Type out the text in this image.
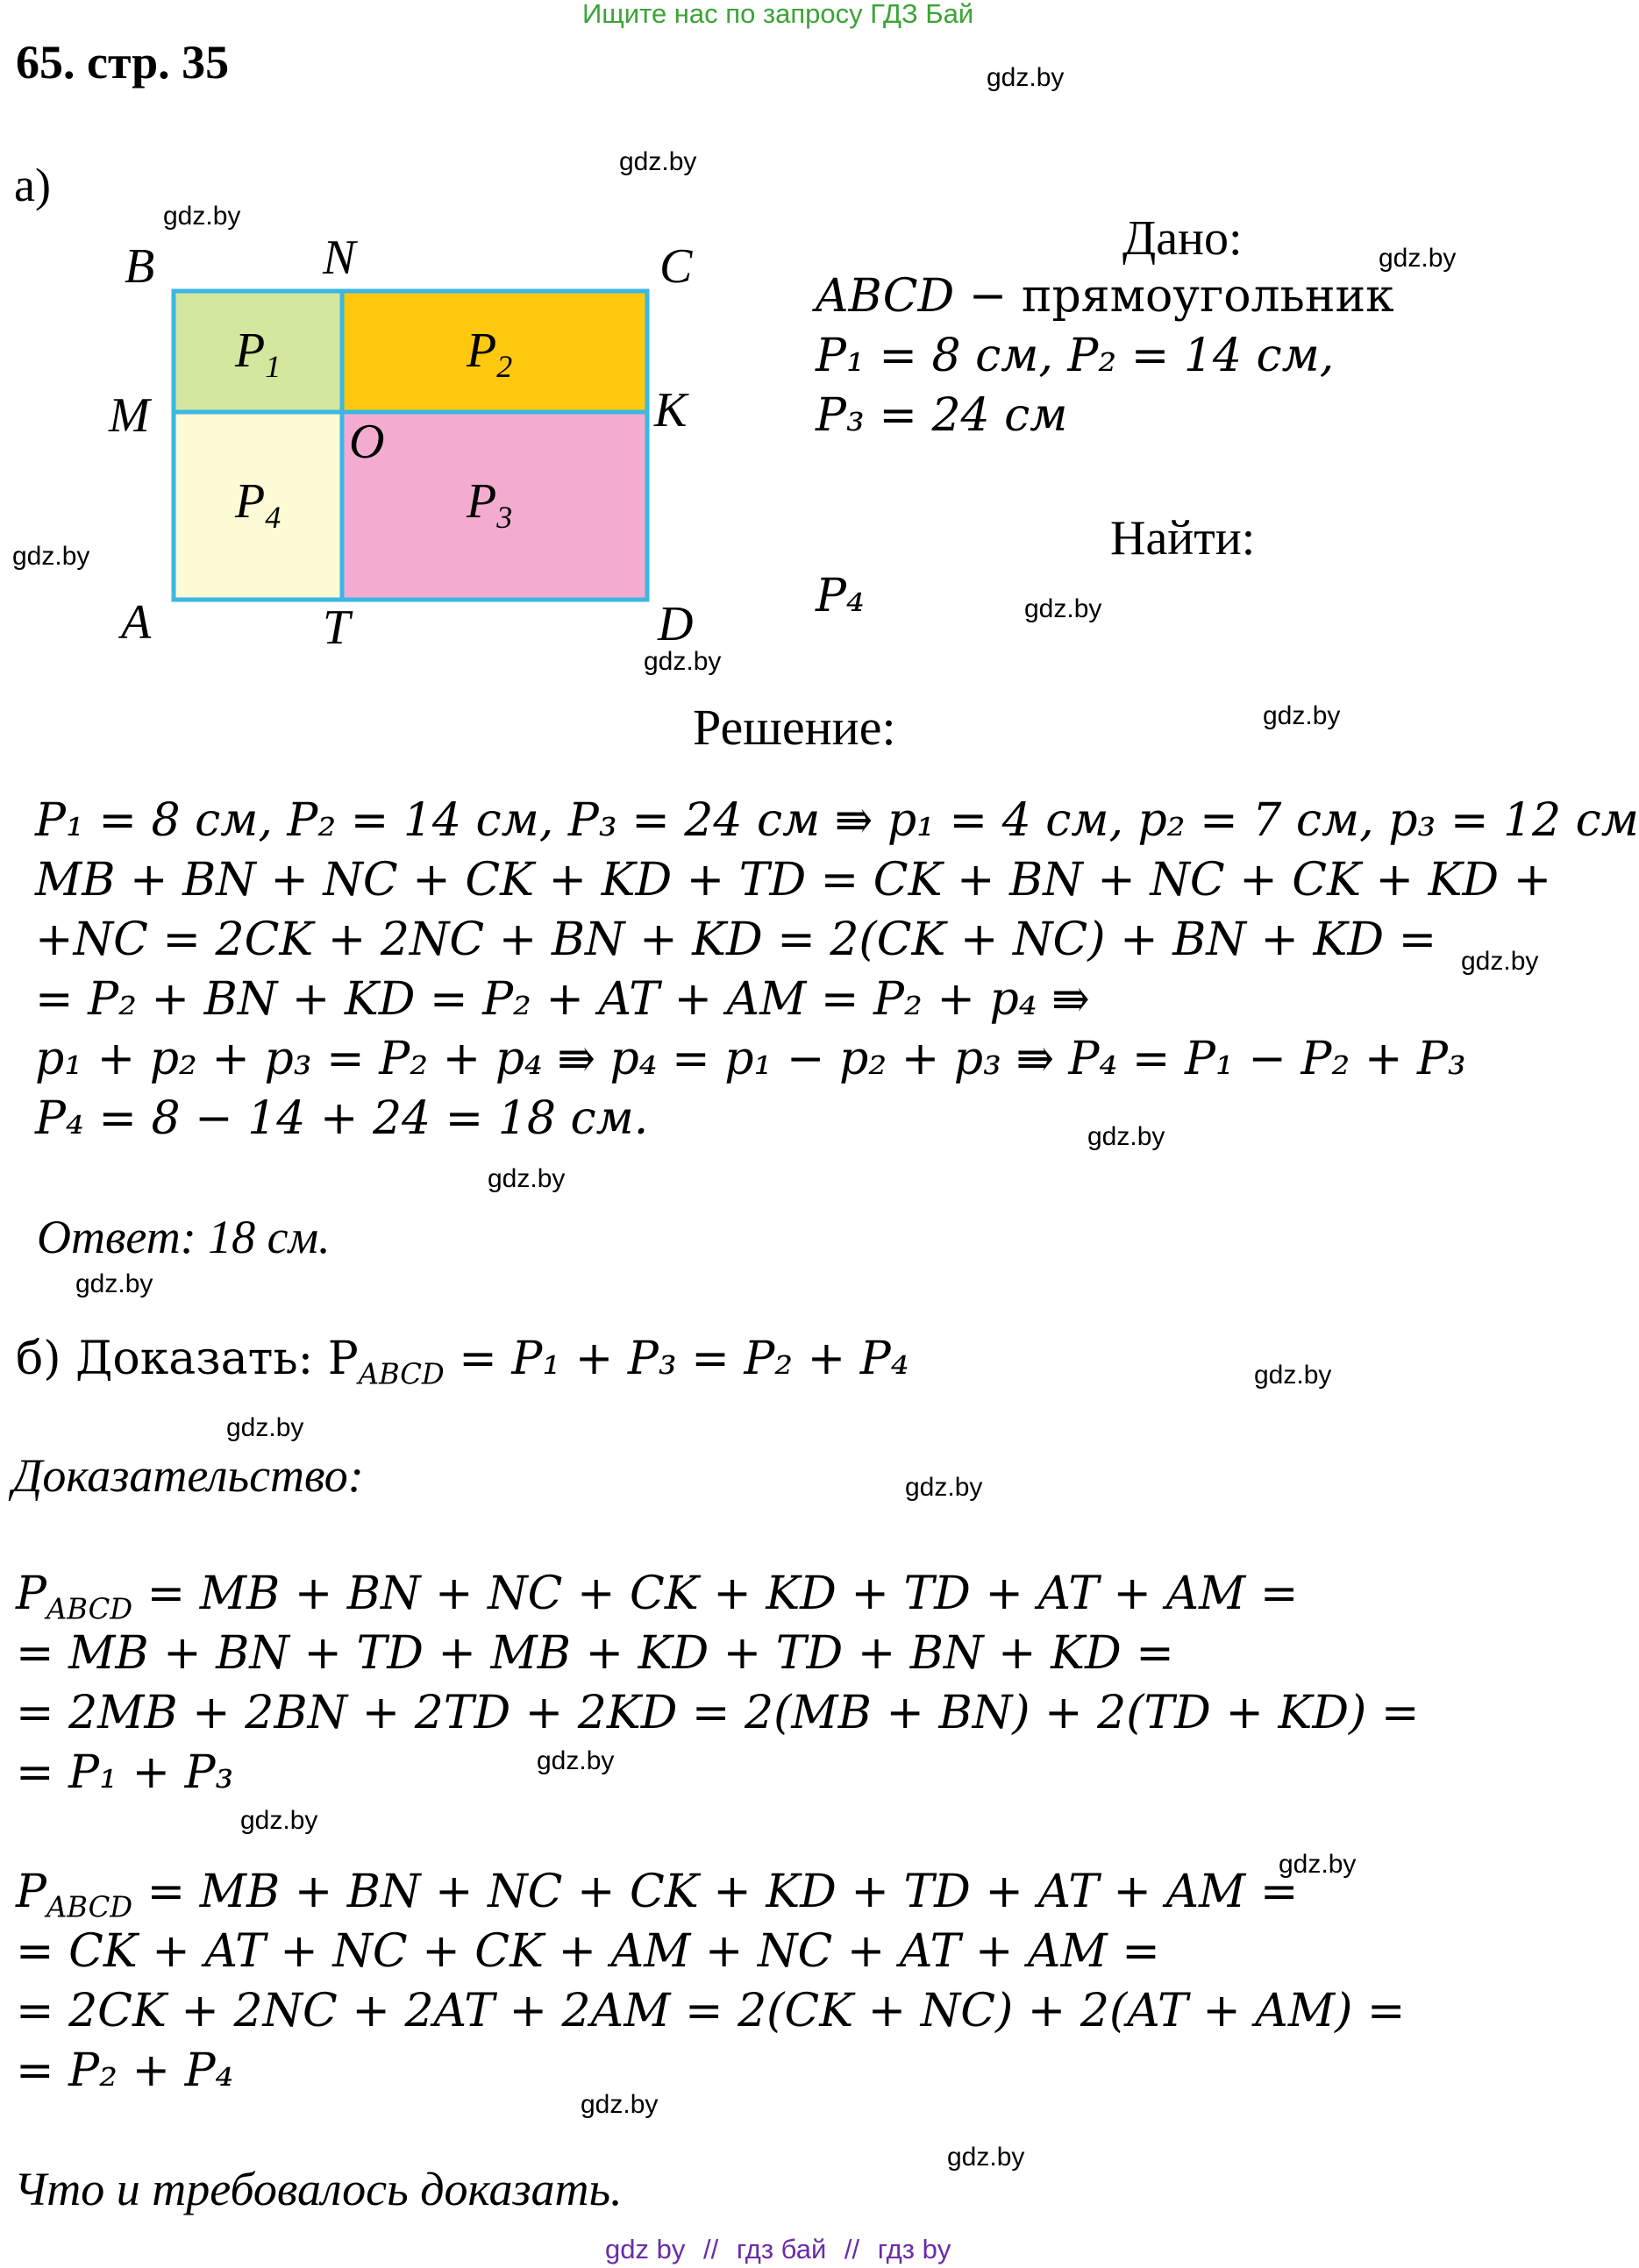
Ищите нас по запросу ГДЗ Бай
65. стр. 35
а)
gdz.by
gdz.by
gdz.by
gdz.by
gdz.by
gdz.by
gdz.by
gdz.by
gdz.by
gdz.by
gdz.by
gdz.by
gdz.by
gdz.by
gdz.by
gdz.by
gdz.by
gdz.by
gdz.by
gdz.by
B	N	C
M	K
O
A	T	D
$P_1$	$P_2$
$P_4$	$P_3$
Дано:
ABCD − прямоугольник
P₁ = 8 см, P₂ = 14 см,
P₃ = 24 см
Найти:
P₄
Решение:
P₁ = 8 см, P₂ = 14 см, P₃ = 24 см ⇛ p₁ = 4 см, p₂ = 7 см, p₃ = 12 см
MB + BN + NC + CK + KD + TD = CK + BN + NC + CK + KD +
+NC = 2CK + 2NC + BN + KD = 2(CK + NC) + BN + KD =
= P₂ + BN + KD = P₂ + AT + AM = P₂ + p₄ ⇛
p₁ + p₂ + p₃ = P₂ + p₄ ⇛ p₄ = p₁ − p₂ + p₃ ⇛ P₄ = P₁ − P₂ + P₃
P₄ = 8 − 14 + 24 = 18 см.
Ответ: 18 см.
б) Доказать: $P_{ABCD} = P_1 + P_3 = P_2 + P_4$
Доказательство:
$P_{ABCD}$ = MB + BN + NC + CK + KD + TD + AT + AM =
= MB + BN + TD + MB + KD + TD + BN + KD =
= 2MB + 2BN + 2TD + 2KD = 2(MB + BN) + 2(TD + KD) =
= P₁ + P₃
$P_{ABCD}$ = MB + BN + NC + CK + KD + TD + AT + AM =
= CK + AT + NC + CK + AM + NC + AT + AM =
= 2CK + 2NC + 2AT + 2AM = 2(CK + NC) + 2(AT + AM) =
= P₂ + P₄
Что и требовалось доказать.
gdz by // гдз бай // гдз by
